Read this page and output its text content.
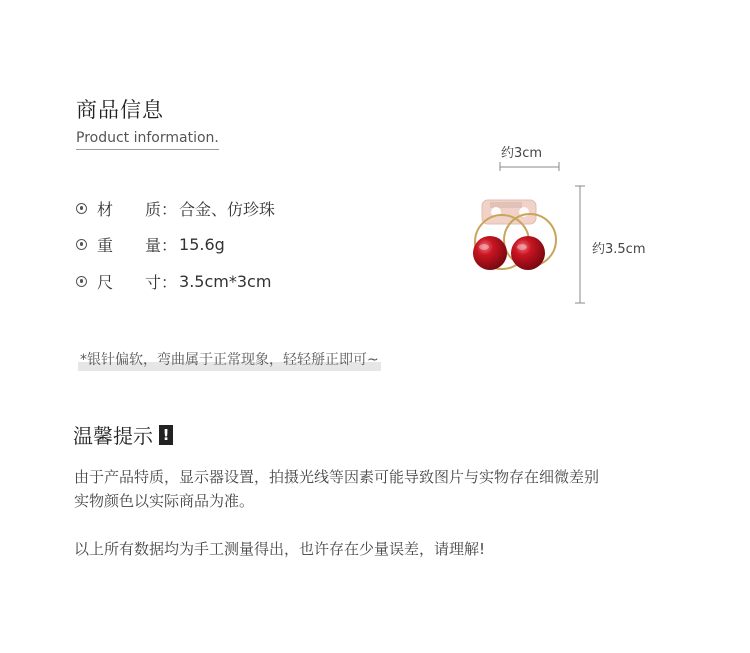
商品信息
Product information.
材 质 ： 合金、仿珍珠
重 量 ： 15.6g
尺 寸 ： 3.5cm*3cm
约3cm
约3.5cm
*银针偏软，弯曲属于正常现象，轻轻掰正即可~
温馨提示 !
由于产品特质，显示器设置，拍摄光线等因素可能导致图片与实物存在细微差别
实物颜色以实际商品为准。
以上所有数据均为手工测量得出，也许存在少量误差，请理解!
